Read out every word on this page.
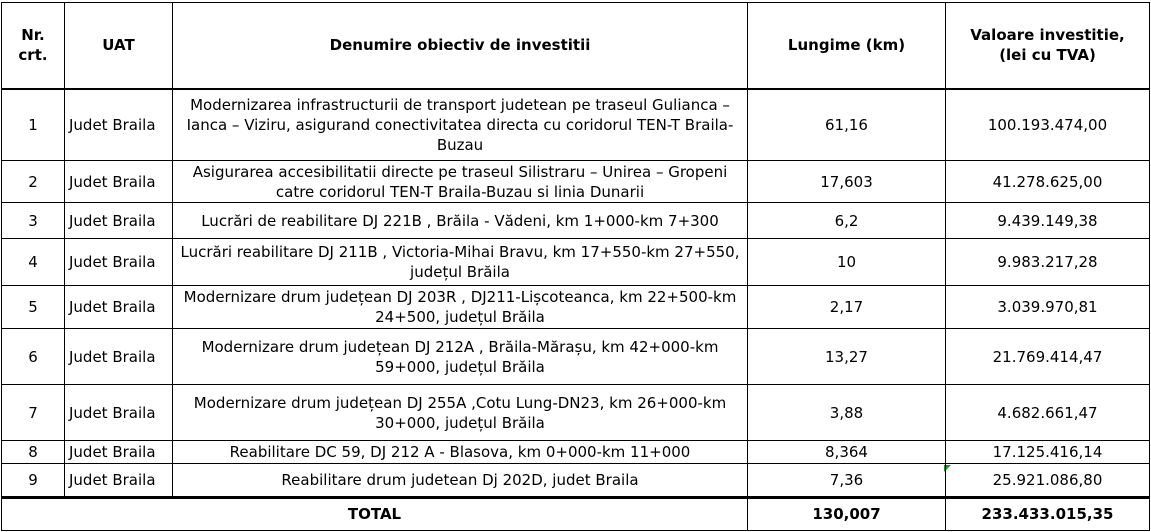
Nr. crt.	UAT	Denumire obiectiv de investitii	Lungime (km)	Valoare investitie, (lei cu TVA)
1	Judet Braila	Modernizarea infrastructurii de transport judetean pe traseul Gulianca – Ianca – Viziru, asigurand conectivitatea directa cu coridorul TEN-T Braila-Buzau	61,16	100.193.474,00
2	Judet Braila	Asigurarea accesibilitatii directe pe traseul Silistraru – Unirea – Gropeni catre coridorul TEN-T Braila-Buzau si linia Dunarii	17,603	41.278.625,00
3	Judet Braila	Lucrări de reabilitare DJ 221B , Brăila - Vădeni, km 1+000-km 7+300	6,2	9.439.149,38
4	Judet Braila	Lucrări reabilitare DJ 211B , Victoria-Mihai Bravu, km 17+550-km 27+550, județul Brăila	10	9.983.217,28
5	Judet Braila	Modernizare drum județean DJ 203R , DJ211-Lișcoteanca, km 22+500-km 24+500, județul Brăila	2,17	3.039.970,81
6	Judet Braila	Modernizare drum județean DJ 212A , Brăila-Mărașu, km 42+000-km 59+000, județul Brăila	13,27	21.769.414,47
7	Judet Braila	Modernizare drum județean DJ 255A ,Cotu Lung-DN23, km 26+000-km 30+000, județul Brăila	3,88	4.682.661,47
8	Judet Braila	Reabilitare DC 59, DJ 212 A - Blasova, km 0+000-km 11+000	8,364	17.125.416,14
9	Judet Braila	Reabilitare drum judetean Dj 202D, judet Braila	7,36	25.921.086,80
TOTAL	130,007	233.433.015,35
